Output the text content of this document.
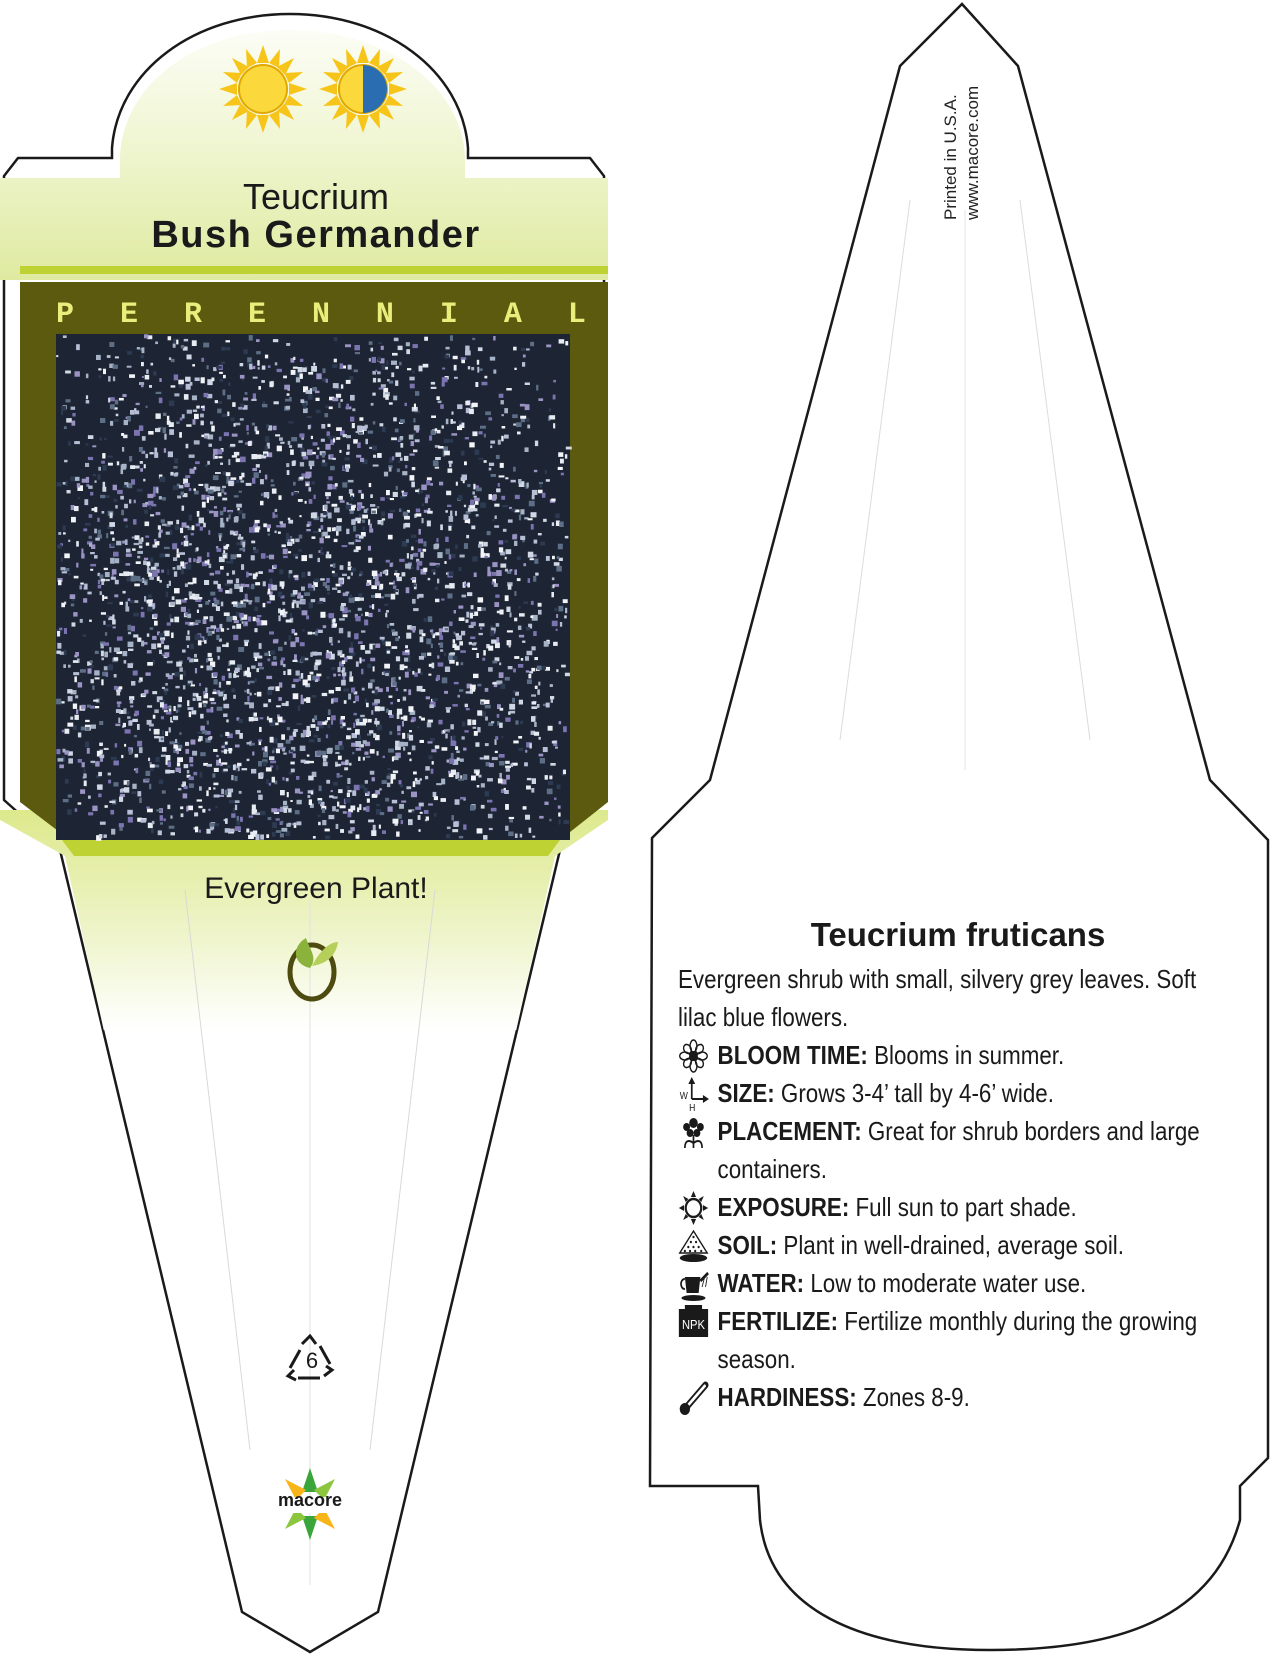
Teucrium
Bush Germander
P E R E N N I A L
Evergreen Plant!
6
macore
Printed in U.S.A. www.macore.com
Teucrium fruticans
Evergreen shrub with small, silvery grey leaves. Soft lilac blue flowers.
BLOOM TIME: Blooms in summer.
W
H SIZE: Grows 3-4’ tall by 4-6’ wide.
PLACEMENT: Great for shrub borders and large containers.
EXPOSURE: Full sun to part shade.
SOIL: Plant in well-drained, average soil.
WATER: Low to moderate water use.
NPK FERTILIZE: Fertilize monthly during the growing season.
HARDINESS: Zones 8-9.
